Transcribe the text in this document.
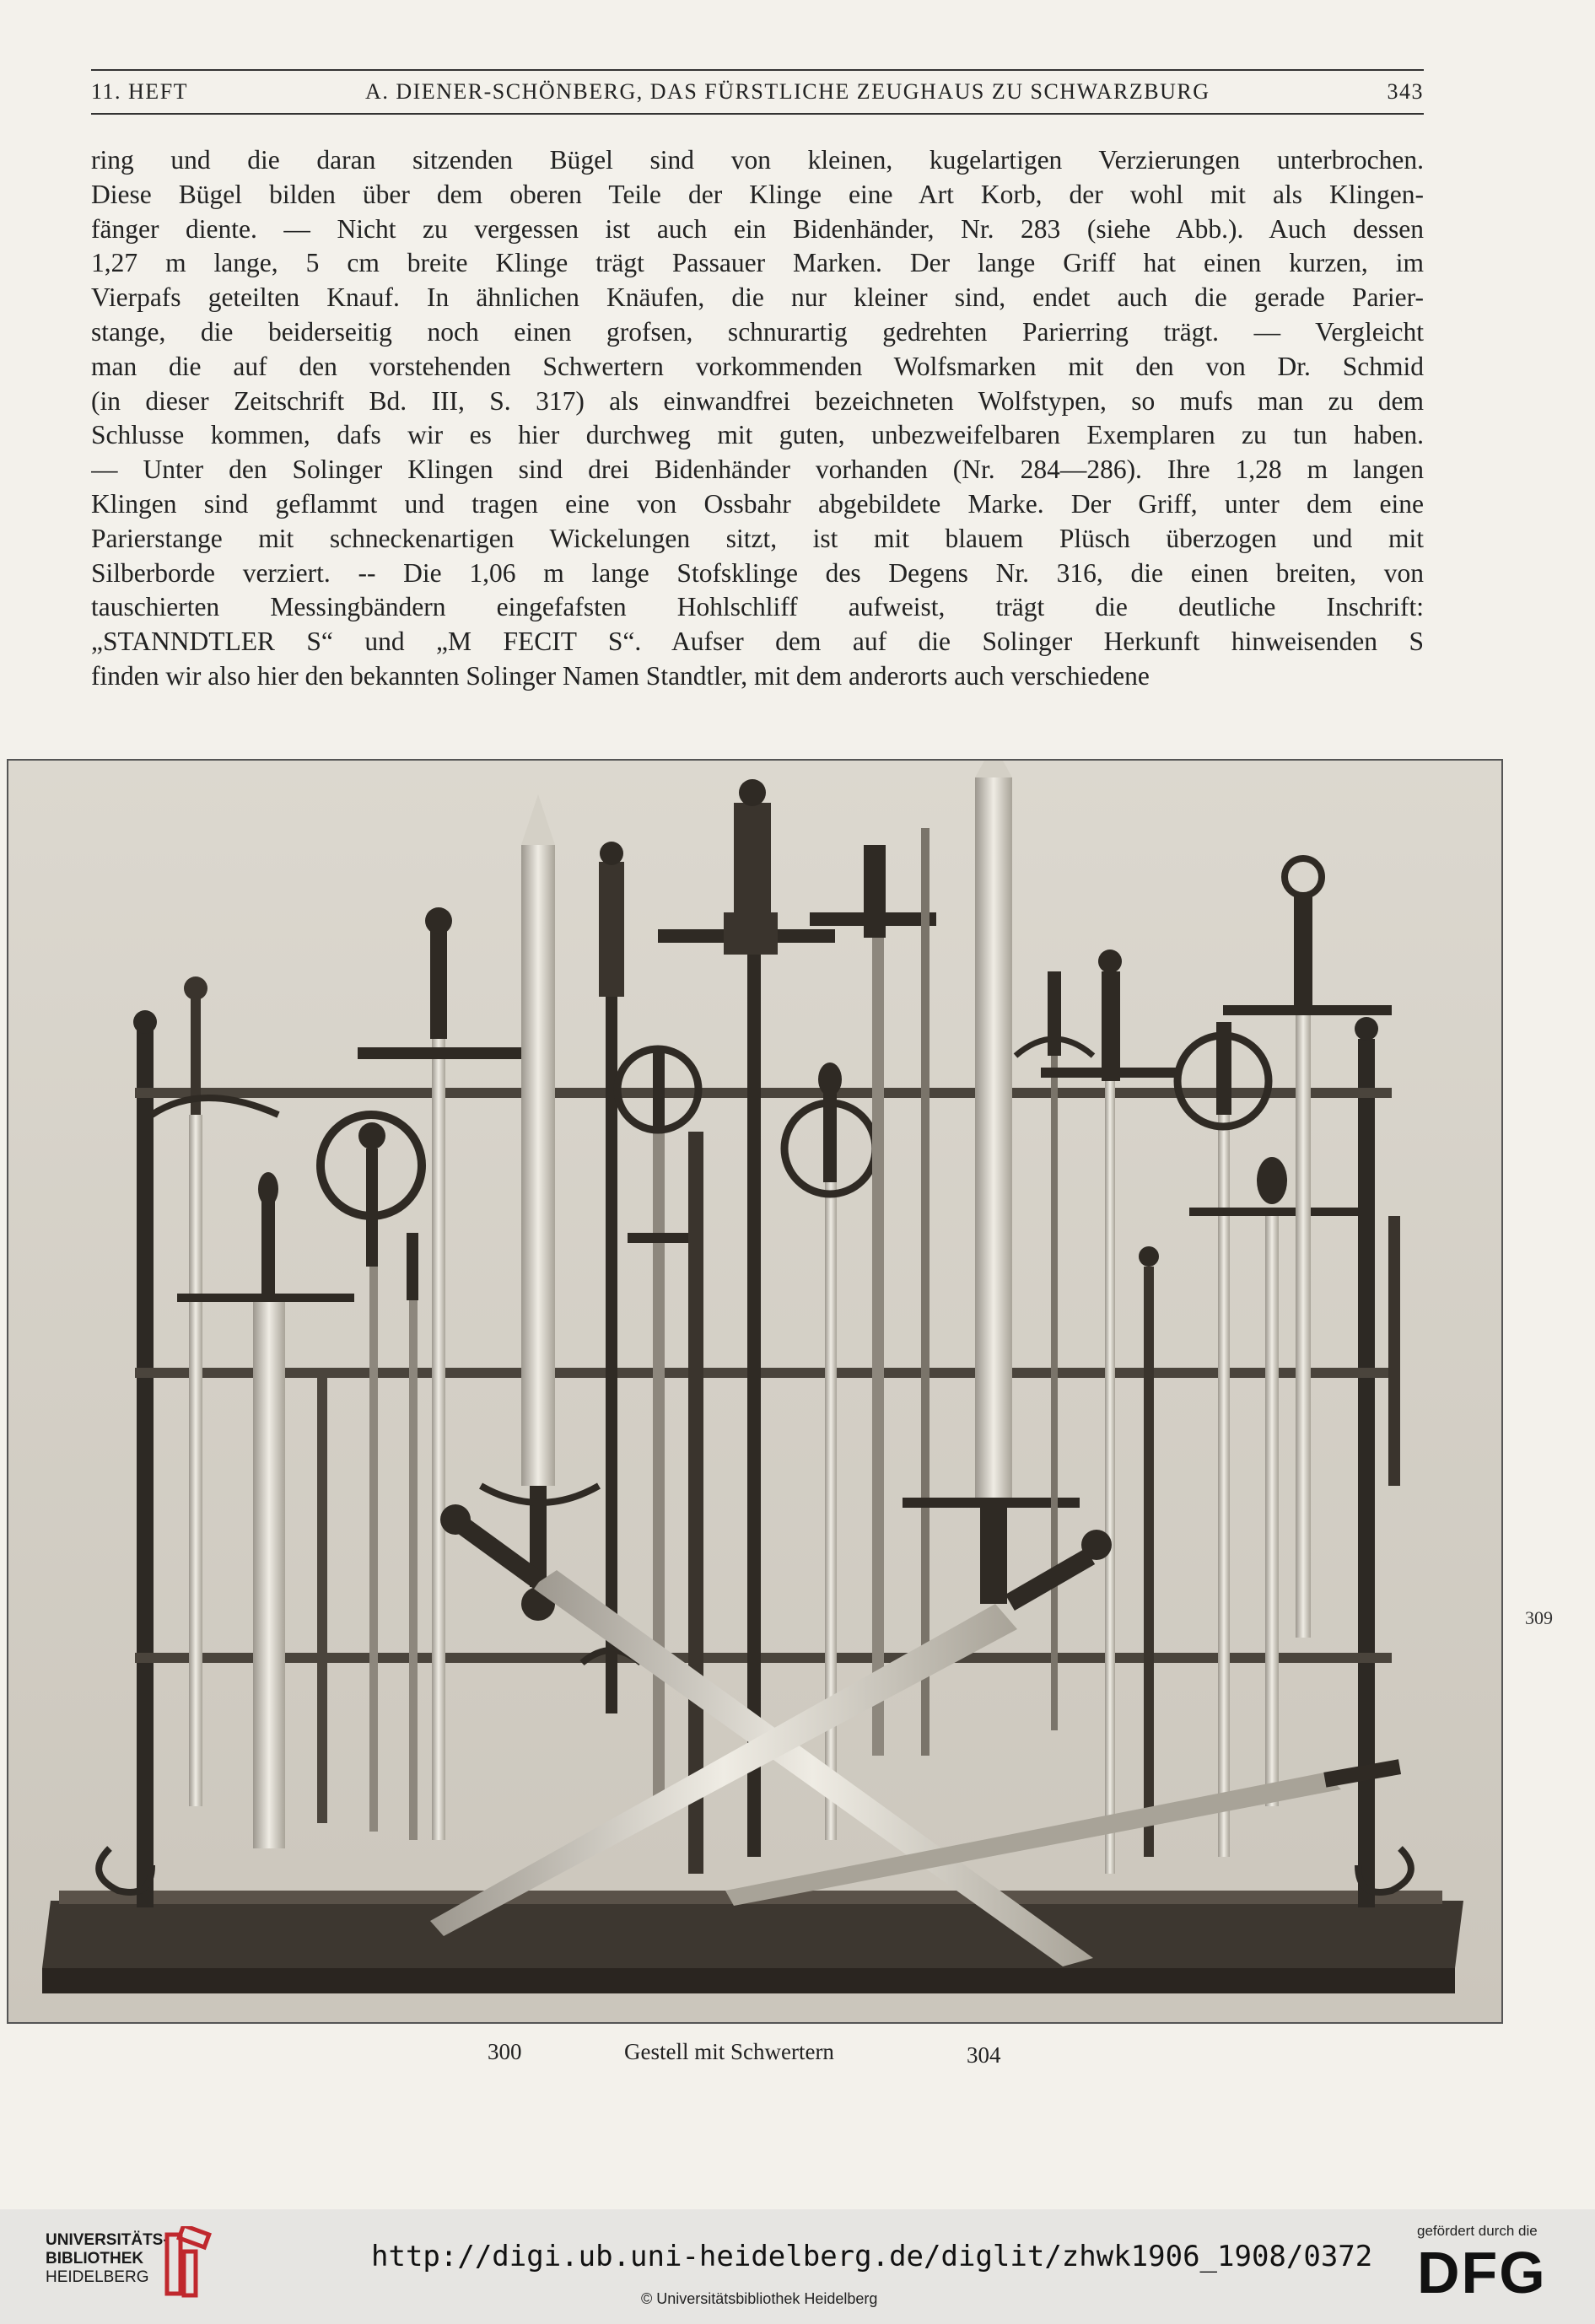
11. HEFT	A. DIENER-SCHÖNBERG, DAS FÜRSTLICHE ZEUGHAUS ZU SCHWARZBURG	343
ring und die daran sitzenden Bügel sind von kleinen, kugelartigen Verzierungen unterbrochen.
Diese Bügel bilden über dem oberen Teile der Klinge eine Art Korb, der wohl mit als Klingen-
fänger diente. — Nicht zu vergessen ist auch ein Bidenhänder, Nr. 283 (siehe Abb.). Auch dessen
1,27 m lange, 5 cm breite Klinge trägt Passauer Marken. Der lange Griff hat einen kurzen, im
Vierpafs geteilten Knauf. In ähnlichen Knäufen, die nur kleiner sind, endet auch die gerade Parier-
stange, die beiderseitig noch einen grofsen, schnurartig gedrehten Parierring trägt. — Vergleicht
man die auf den vorstehenden Schwertern vorkommenden Wolfsmarken mit den von Dr. Schmid
(in dieser Zeitschrift Bd. III, S. 317) als einwandfrei bezeichneten Wolfstypen, so mufs man zu dem
Schlusse kommen, dafs wir es hier durchweg mit guten, unbezweifelbaren Exemplaren zu tun haben.
— Unter den Solinger Klingen sind drei Bidenhänder vorhanden (Nr. 284—286). Ihre 1,28 m langen
Klingen sind geflammt und tragen eine von Ossbahr abgebildete Marke. Der Griff, unter dem eine
Parierstange mit schneckenartigen Wickelungen sitzt, ist mit blauem Plüsch überzogen und mit
Silberborde verziert. -- Die 1,06 m lange Stofsklinge des Degens Nr. 316, die einen breiten, von
tauschierten Messingbändern eingefafsten Hohlschliff aufweist, trägt die deutliche Inschrift:
„STANNDTLER S“ und „M FECIT S“. Aufser dem auf die Solinger Herkunft hinweisenden S
finden wir also hier den bekannten Solinger Namen Standtler, mit dem anderorts auch verschiedene
309
300	Gestell mit Schwertern	304
UNIVERSITÄTS-
BIBLIOTHEK
HEIDELBERG
http://digi.ub.uni-heidelberg.de/diglit/zhwk1906_1908/0372
© Universitätsbibliothek Heidelberg
gefördert durch die
DFG
